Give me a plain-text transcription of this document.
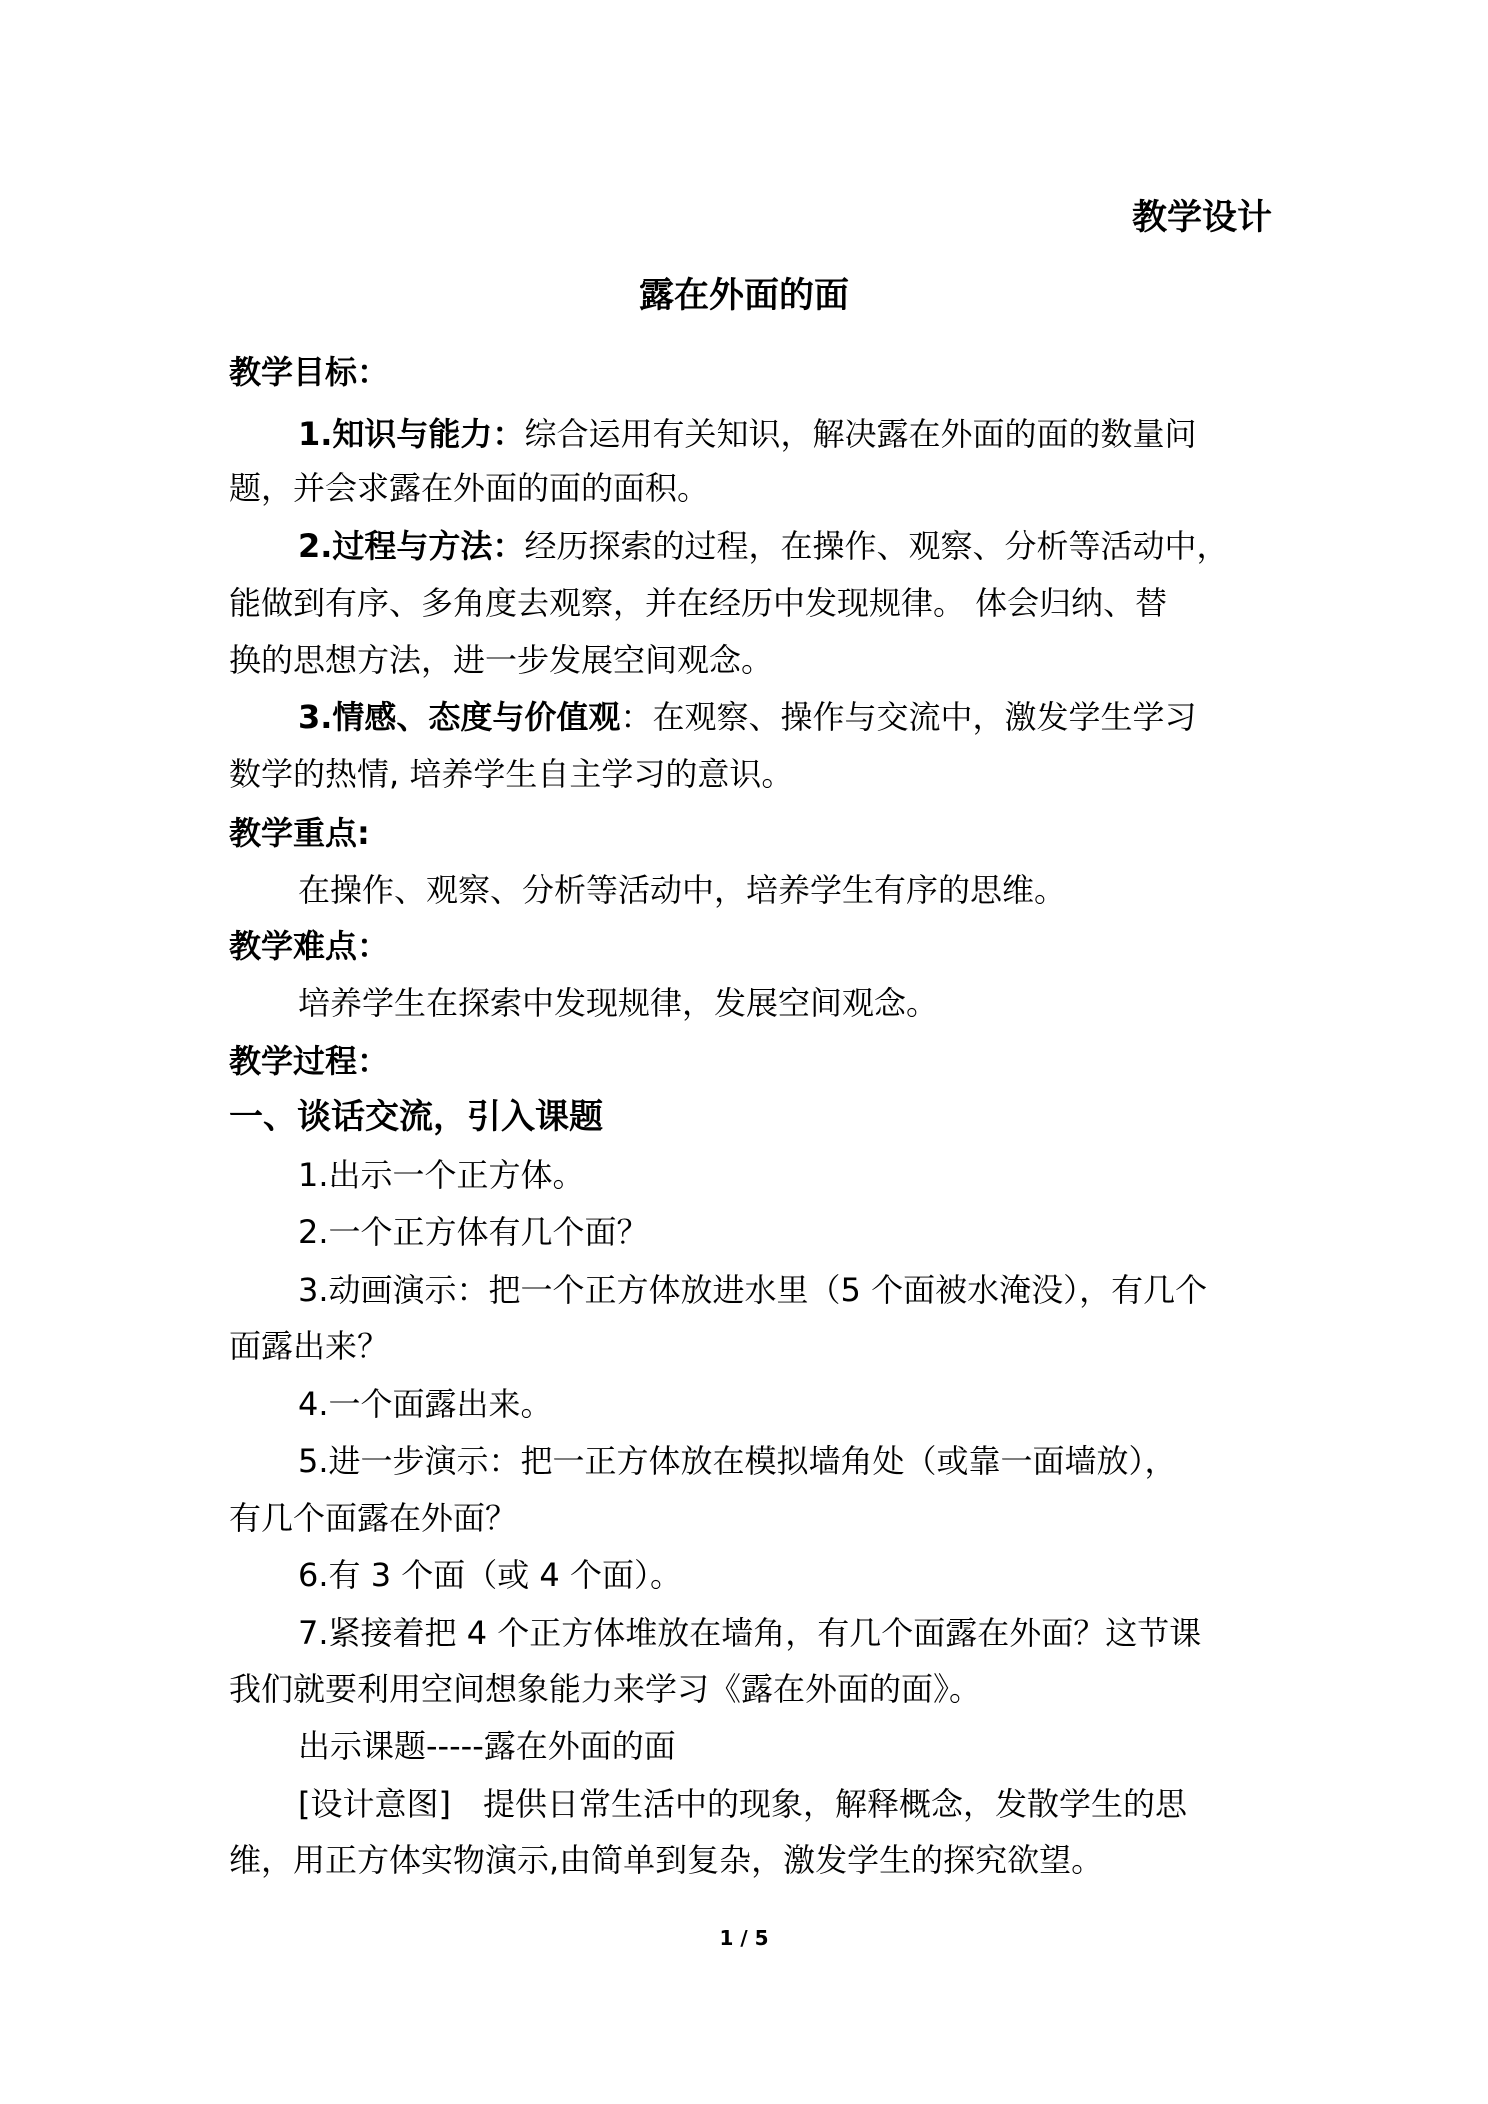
教学设计
露在外面的面
教学目标：
1.知识与能力：综合运用有关知识，解决露在外面的面的数量问
题，并会求露在外面的面的面积。
2.过程与方法：经历探索的过程，在操作、观察、分析等活动中，
能做到有序、多角度去观察，并在经历中发现规律。 体会归纳、替
换的思想方法，进一步发展空间观念。
3.情感、态度与价值观：在观察、操作与交流中，激发学生学习
数学的热情, 培养学生自主学习的意识。
教学重点:
在操作、观察、分析等活动中，培养学生有序的思维。
教学难点：
培养学生在探索中发现规律，发展空间观念。
教学过程：
一、谈话交流，引入课题
1.出示一个正方体。
2.一个正方体有几个面？
3.动画演示：把一个正方体放进水里（5 个面被水淹没），有几个
面露出来？
4.一个面露出来。
5.进一步演示：把一正方体放在模拟墙角处（或靠一面墙放），
有几个面露在外面？
6.有 3 个面（或 4 个面）。
7.紧接着把 4 个正方体堆放在墙角，有几个面露在外面？这节课
我们就要利用空间想象能力来学习《露在外面的面》。
出示课题-----露在外面的面
[设计意图]　提供日常生活中的现象，解释概念，发散学生的思
维，用正方体实物演示,由简单到复杂，激发学生的探究欲望。
1 / 5
